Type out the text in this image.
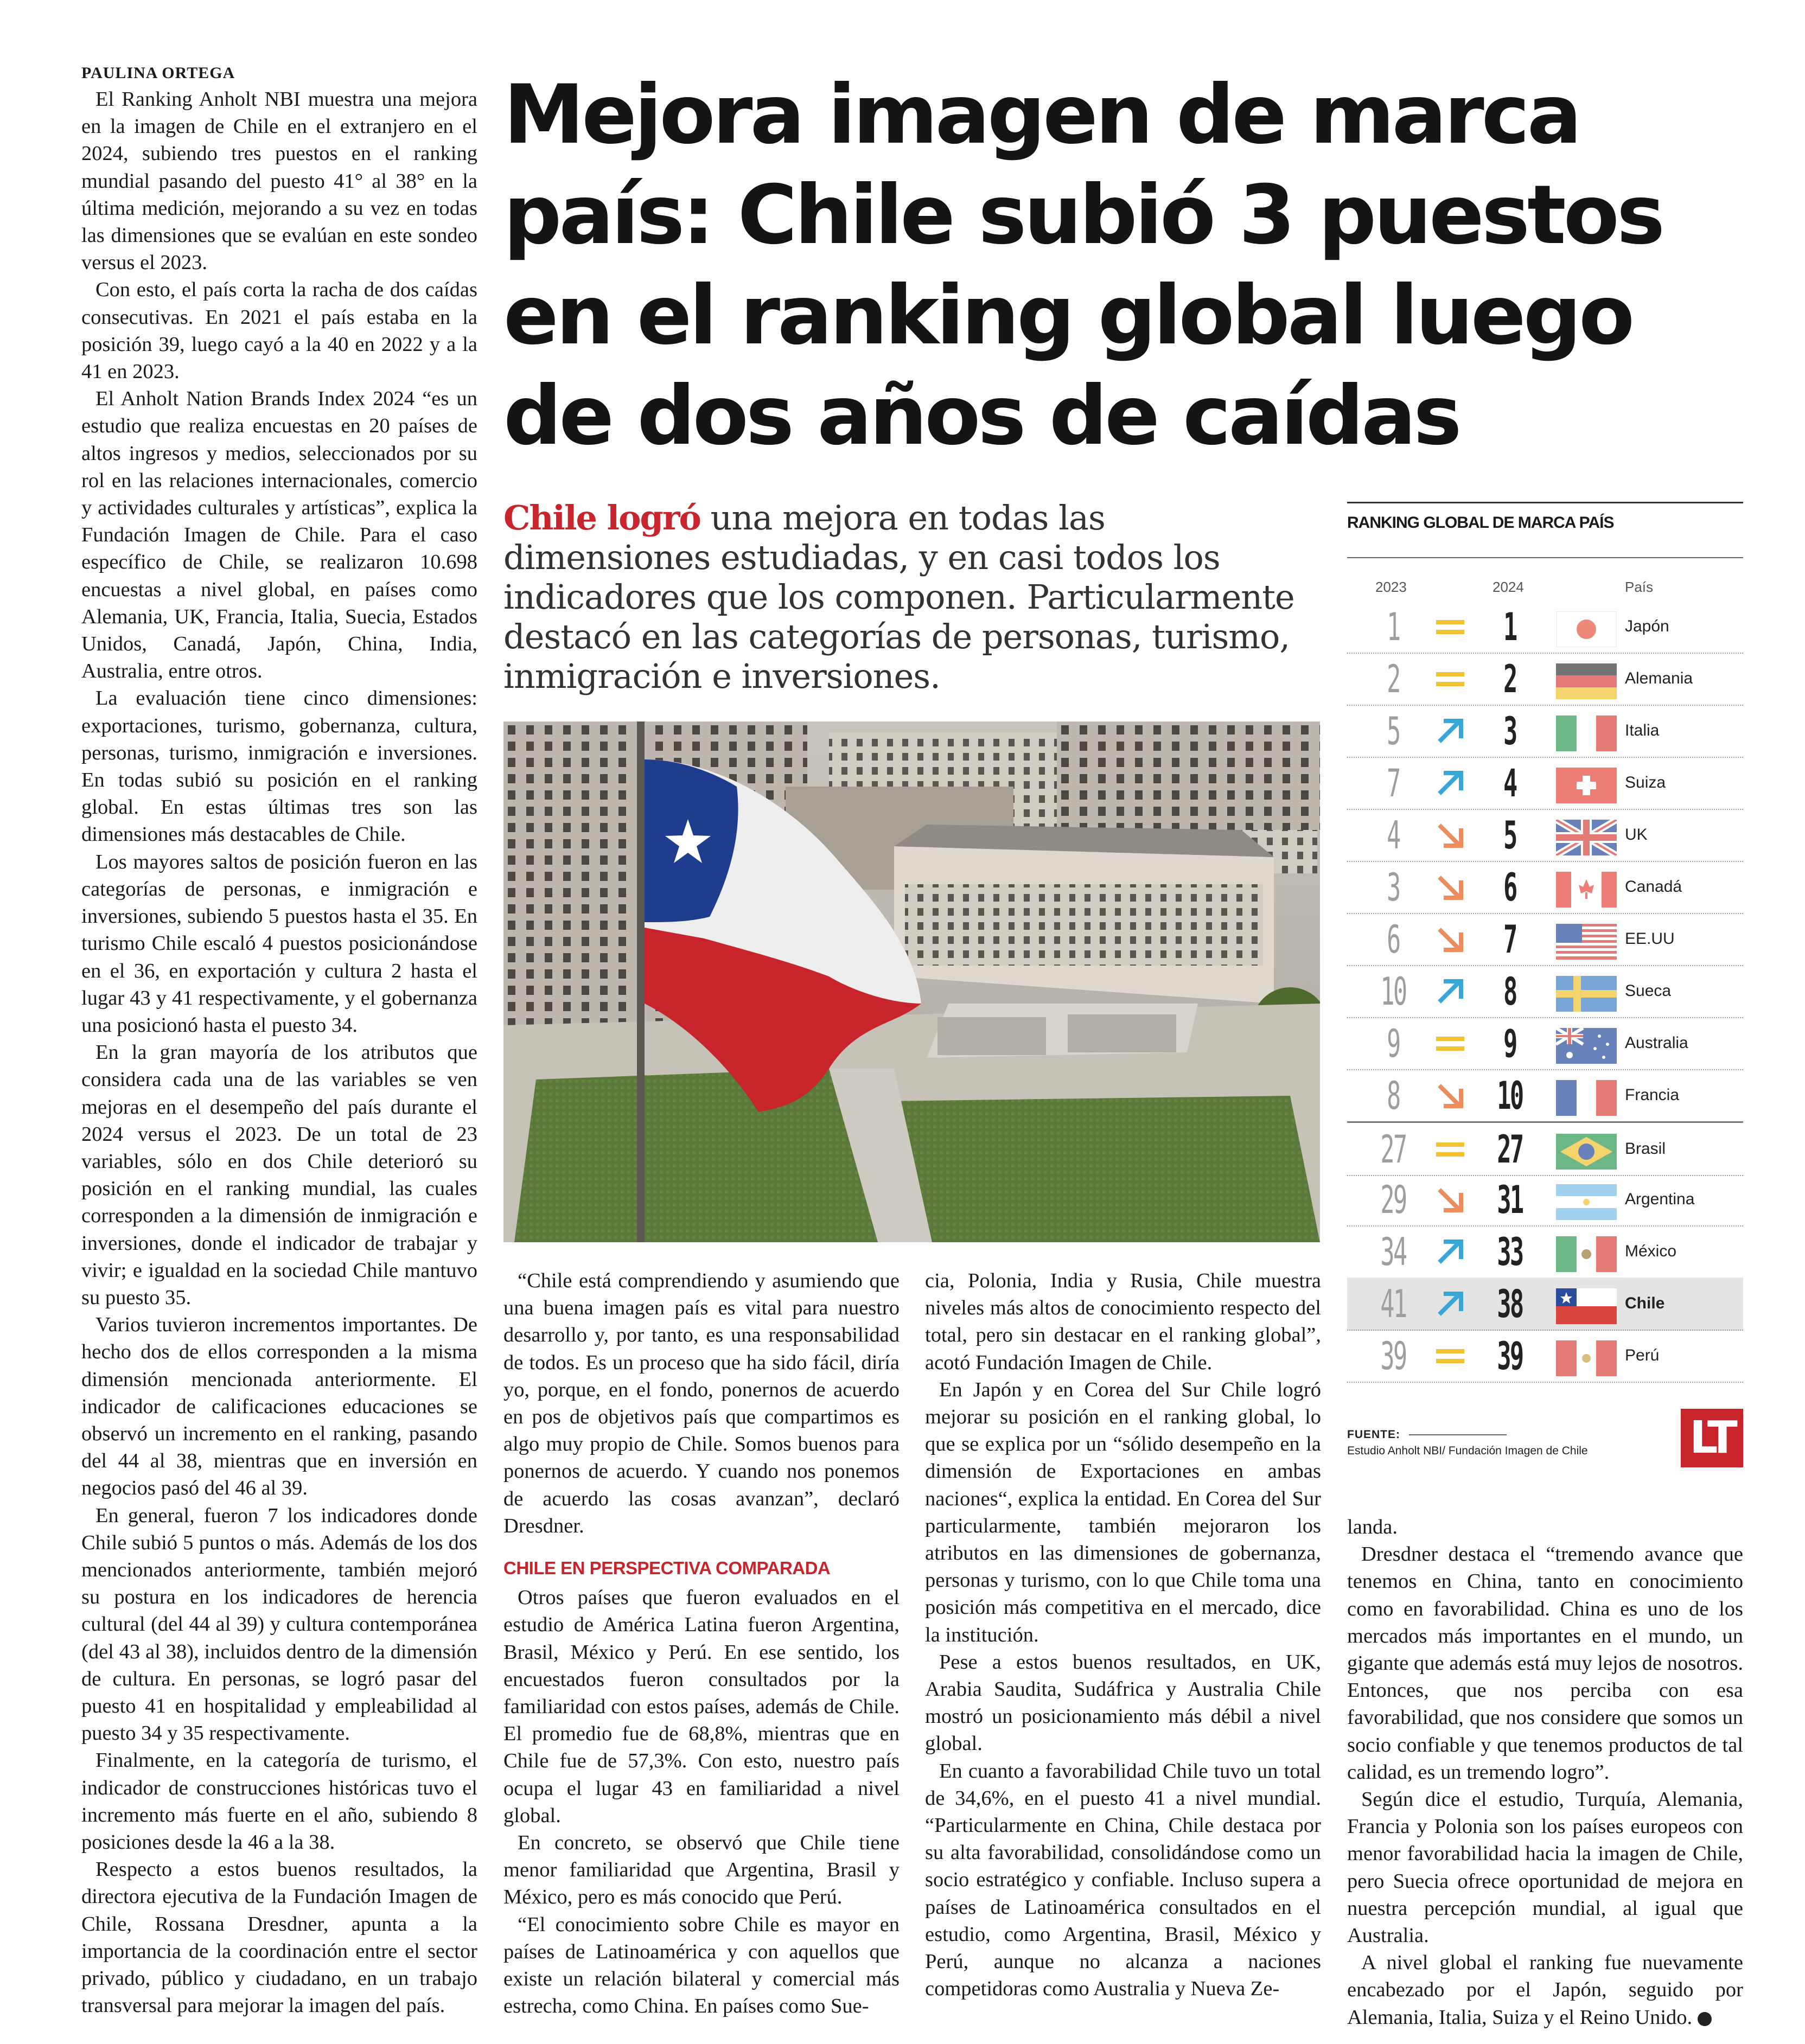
PAULINA ORTEGA

El Ranking Anholt NBI muestra una mejora en la imagen de Chile en el extranjero en el 2024, subiendo tres puestos en el ranking mundial pasando del puesto 41° al 38° en la última medición, mejorando a su vez en todas las dimensiones que se evalúan en este sondeo versus el 2023.

Con esto, el país corta la racha de dos caídas consecutivas. En 2021 el país estaba en la posición 39, luego cayó a la 40 en 2022 y a la 41 en 2023.

El Anholt Nation Brands Index 2024 “es un estudio que realiza encuestas en 20 países de altos ingresos y medios, seleccionados por su rol en las relaciones internacionales, comercio y actividades culturales y artísticas”, explica la Fundación Imagen de Chile. Para el caso específico de Chile, se realizaron 10.698 encuestas a nivel global, en países como Alemania, UK, Francia, Italia, Suecia, Estados Unidos, Canadá, Japón, China, India, Australia, entre otros.

La evaluación tiene cinco dimensiones: exportaciones, turismo, gobernanza, cultura, personas, turismo, inmigración e inversiones. En todas subió su posición en el ranking global. En estas últimas tres son las dimensiones más destacables de Chile.

Los mayores saltos de posición fueron en las categorías de personas, e inmigración e inversiones, subiendo 5 puestos hasta el 35. En turismo Chile escaló 4 puestos posicionándose en el 36, en exportación y cultura 2 hasta el lugar 43 y 41 respectivamente, y el gobernanza una posicionó hasta el puesto 34.

En la gran mayoría de los atributos que considera cada una de las variables se ven mejoras en el desempeño del país durante el 2024 versus el 2023. De un total de 23 variables, sólo en dos Chile deterioró su posición en el ranking mundial, las cuales corresponden a la dimensión de inmigración e inversiones, donde el indicador de trabajar y vivir; e igualdad en la sociedad Chile mantuvo su puesto 35.

Varios tuvieron incrementos importantes. De hecho dos de ellos corresponden a la misma dimensión mencionada anteriormente. El indicador de calificaciones educaciones se observó un incremento en el ranking, pasando del 44 al 38, mientras que en inversión en negocios pasó del 46 al 39.

En general, fueron 7 los indicadores donde Chile subió 5 puntos o más. Además de los dos mencionados anteriormente, también mejoró su postura en los indicadores de herencia cultural (del 44 al 39) y cultura contemporánea (del 43 al 38), incluidos dentro de la dimensión de cultura. En personas, se logró pasar del puesto 41 en hospitalidad y empleabilidad al puesto 34 y 35 respectivamente.

Finalmente, en la categoría de turismo, el indicador de construcciones históricas tuvo el incremento más fuerte en el año, subiendo 8 posiciones desde la 46 a la 38.

Respecto a estos buenos resultados, la directora ejecutiva de la Fundación Imagen de Chile, Rossana Dresdner, apunta a la importancia de la coordinación entre el sector privado, público y ciudadano, en un trabajo transversal para mejorar la imagen del país.

Mejora imagen de marca país: Chile subió 3 puestos en el ranking global luego de dos años de caídas

Chile logró una mejora en todas las dimensiones estudiadas, y en casi todos los indicadores que los componen. Particularmente destacó en las categorías de personas, turismo, inmigración e inversiones.

“Chile está comprendiendo y asumiendo que una buena imagen país es vital para nuestro desarrollo y, por tanto, es una responsabilidad de todos. Es un proceso que ha sido fácil, diría yo, porque, en el fondo, ponernos de acuerdo en pos de objetivos país que compartimos es algo muy propio de Chile. Somos buenos para ponernos de acuerdo. Y cuando nos ponemos de acuerdo las cosas avanzan”, declaró Dresdner.

CHILE EN PERSPECTIVA COMPARADA

Otros países que fueron evaluados en el estudio de América Latina fueron Argentina, Brasil, México y Perú. En ese sentido, los encuestados fueron consultados por la familiaridad con estos países, además de Chile. El promedio fue de 68,8%, mientras que en Chile fue de 57,3%. Con esto, nuestro país ocupa el lugar 43 en familiaridad a nivel global.

En concreto, se observó que Chile tiene menor familiaridad que Argentina, Brasil y México, pero es más conocido que Perú.

“El conocimiento sobre Chile es mayor en países de Latinoamérica y con aquellos que existe un relación bilateral y comercial más estrecha, como China. En países como Sue-

cia, Polonia, India y Rusia, Chile muestra niveles más altos de conocimiento respecto del total, pero sin destacar en el ranking global”, acotó Fundación Imagen de Chile.

En Japón y en Corea del Sur Chile logró mejorar su posición en el ranking global, lo que se explica por un “sólido desempeño en la dimensión de Exportaciones en ambas naciones“, explica la entidad. En Corea del Sur particularmente, también mejoraron los atributos en las dimensiones de gobernanza, personas y turismo, con lo que Chile toma una posición más competitiva en el mercado, dice la institución.

Pese a estos buenos resultados, en UK, Arabia Saudita, Sudáfrica y Australia Chile mostró un posicionamiento más débil a nivel global.

En cuanto a favorabilidad Chile tuvo un total de 34,6%, en el puesto 41 a nivel mundial. “Particularmente en China, Chile destaca por su alta favorabilidad, consolidándose como un socio estratégico y confiable. Incluso supera a países de Latinoamérica consultados en el estudio, como Argentina, Brasil, México y Perú, aunque no alcanza a naciones competidoras como Australia y Nueva Ze-

landa.

Dresdner destaca el “tremendo avance que tenemos en China, tanto en conocimiento como en favorabilidad. China es uno de los mercados más importantes en el mundo, un gigante que además está muy lejos de nosotros. Entonces, que nos perciba con esa favorabilidad, que nos considere que somos un socio confiable y que tenemos productos de tal calidad, es un tremendo logro”.

Según dice el estudio, Turquía, Alemania, Francia y Polonia son los países europeos con menor favorabilidad hacia la imagen de Chile, pero Suecia ofrece oportunidad de mejora en nuestra percepción mundial, al igual que Australia.

A nivel global el ranking fue nuevamente encabezado por el Japón, seguido por Alemania, Italia, Suiza y el Reino Unido. P

RANKING GLOBAL DE MARCA PAÍS
2023	2024	País
1	1	Japón
2	2	Alemania
5	3	Italia
7	4	Suiza
4	5	UK
3	6	Canadá
6	7	EE.UU
10	8	Sueca
9	9	Australia
8	10	Francia
27 27	Brasil
29 31	Argentina
34 33	México
41 38	Chile
39 39	Perú
FUENTE:
Estudio Anholt NBI/ Fundación Imagen de Chile LT
